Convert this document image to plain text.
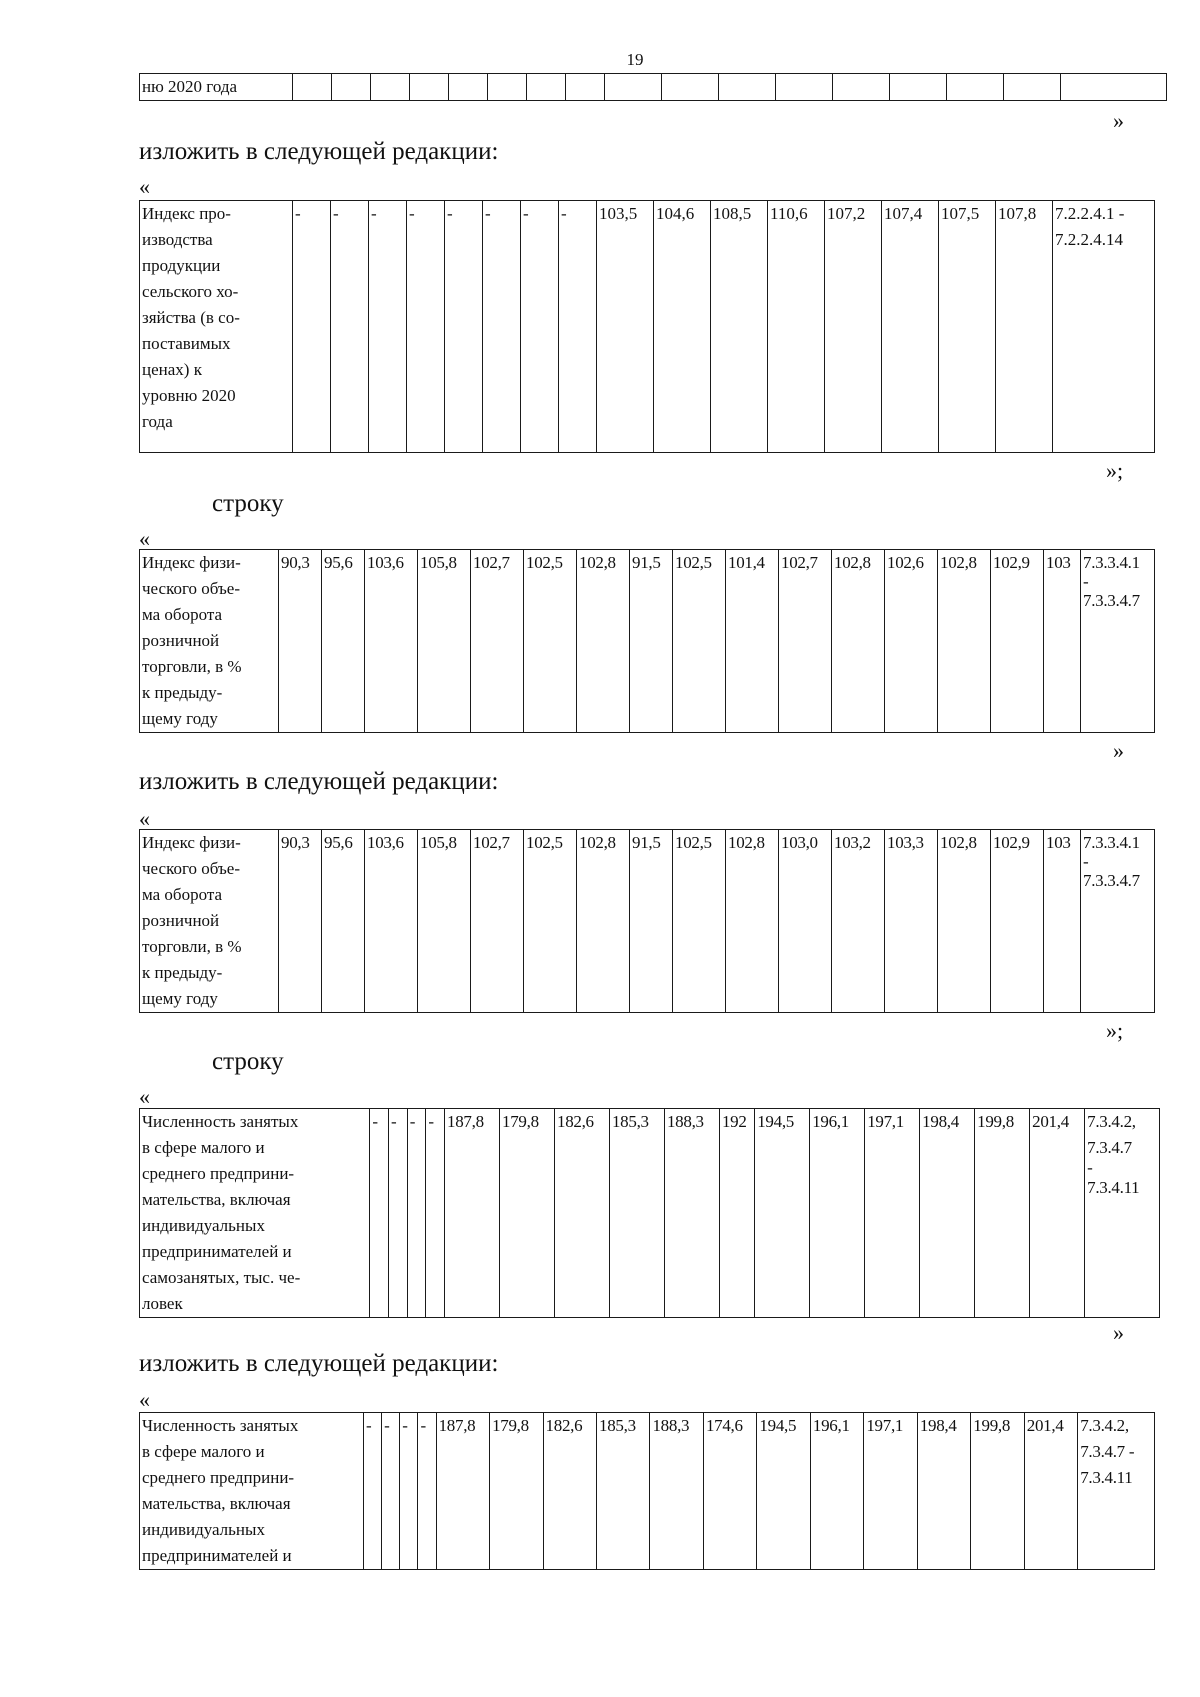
19
ню 2020 года																	
»
изложить в следующей редакции:
«
Индекс про-
изводства
продукции
сельского хо-
зяйства (в со-
поставимых
ценах) к
уровню 2020
года
	-	-	-	-	-	-	-	-	103,5	104,6	108,5	110,6	107,2	107,4	107,5	107,8	7.2.2.4.1 -
7.2.2.4.14
»;
строку
«
Индекс физи-
ческого объе-
ма оборота
розничной
торговли, в %
к предыду-
щему году
	90,3	95,6	103,6	105,8	102,7	102,5	102,8	91,5	102,5	101,4	102,7	102,8	102,6	102,8	102,9	103	7.3.3.4.1
-
7.3.3.4.7
»
изложить в следующей редакции:
«
Индекс физи-
ческого объе-
ма оборота
розничной
торговли, в %
к предыду-
щему году
	90,3	95,6	103,6	105,8	102,7	102,5	102,8	91,5	102,5	102,8	103,0	103,2	103,3	102,8	102,9	103	7.3.3.4.1
-
7.3.3.4.7
»;
строку
«
Численность занятых
в сфере малого и
среднего предприни-
мательства, включая
индивидуальных
предпринимателей и
самозанятых, тыс. че-
ловек
	-	-	-	-	187,8	179,8	182,6	185,3	188,3	192	194,5	196,1	197,1	198,4	199,8	201,4	7.3.4.2,
7.3.4.7
-
7.3.4.11
»
изложить в следующей редакции:
«
Численность занятых
в сфере малого и
среднего предприни-
мательства, включая
индивидуальных
предпринимателей и
	-	-	-	-	187,8	179,8	182,6	185,3	188,3	174,6	194,5	196,1	197,1	198,4	199,8	201,4	7.3.4.2,
7.3.4.7 -
7.3.4.11
